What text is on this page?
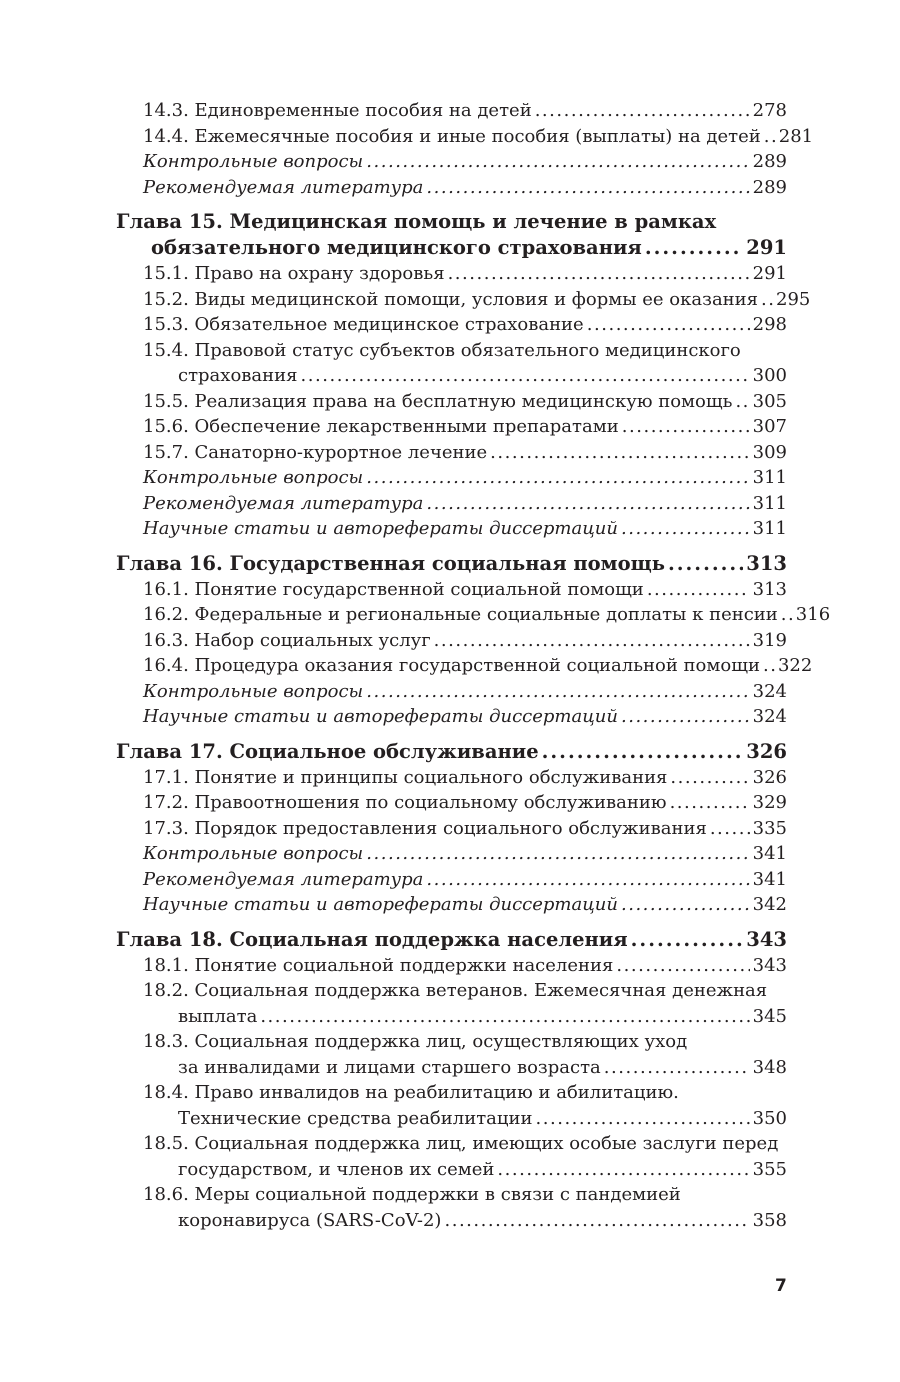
14.3. Единовременные пособия на детей . . .	278
14.4. Ежемесячные пособия и иные пособия (выплаты) на детей . . . 281
Контрольные вопросы . . .	289
Рекомендуемая литература . . .	289
Глава 15. Медицинская помощь и лечение в рамках
обязательного медицинского страхования . . .	291
15.1. Право на охрану здоровья . . .	291
15.2. Виды медицинской помощи, условия и формы ее оказания . . . 295
15.3. Обязательное медицинское страхование . . .	298
15.4. Правовой статус субъектов обязательного медицинского
страхования . . .	300
15.5. Реализация права на бесплатную медицинскую помощь . . . 305
15.6. Обеспечение лекарственными препаратами . . .	307
15.7. Санаторно-курортное лечение . . .	309
Контрольные вопросы . . .	311
Рекомендуемая литература . . .	311
Научные статьи и авторефераты диссертаций . . .	311
Глава 16. Государственная социальная помощь . . .	313
16.1. Понятие государственной социальной помощи . . .	313
16.2. Федеральные и региональные социальные доплаты к пенсии . . . 316
16.3. Набор социальных услуг . . .	319
16.4. Процедура оказания государственной социальной помощи . . . 322
Контрольные вопросы . . .	324
Научные статьи и авторефераты диссертаций . . .	324
Глава 17. Социальное обслуживание . . .	326
17.1. Понятие и принципы социального обслуживания . . .	326
17.2. Правоотношения по социальному обслуживанию . . .	329
17.3. Порядок предоставления социального обслуживания . . .	335
Контрольные вопросы . . .	341
Рекомендуемая литература . . .	341
Научные статьи и авторефераты диссертаций . . .	342
Глава 18. Социальная поддержка населения . . .	343
18.1. Понятие социальной поддержки населения . . .	343
18.2. Социальная поддержка ветеранов. Ежемесячная денежная
выплата . . .	345
18.3. Социальная поддержка лиц, осуществляющих уход
за инвалидами и лицами старшего возраста . . .	348
18.4. Право инвалидов на реабилитацию и абилитацию.
Технические средства реабилитации . . .	350
18.5. Социальная поддержка лиц, имеющих особые заслуги перед
государством, и членов их семей . . .	355
18.6. Меры социальной поддержки в связи с пандемией
коронавируса (SARS-CoV-2) . . .	358
7
